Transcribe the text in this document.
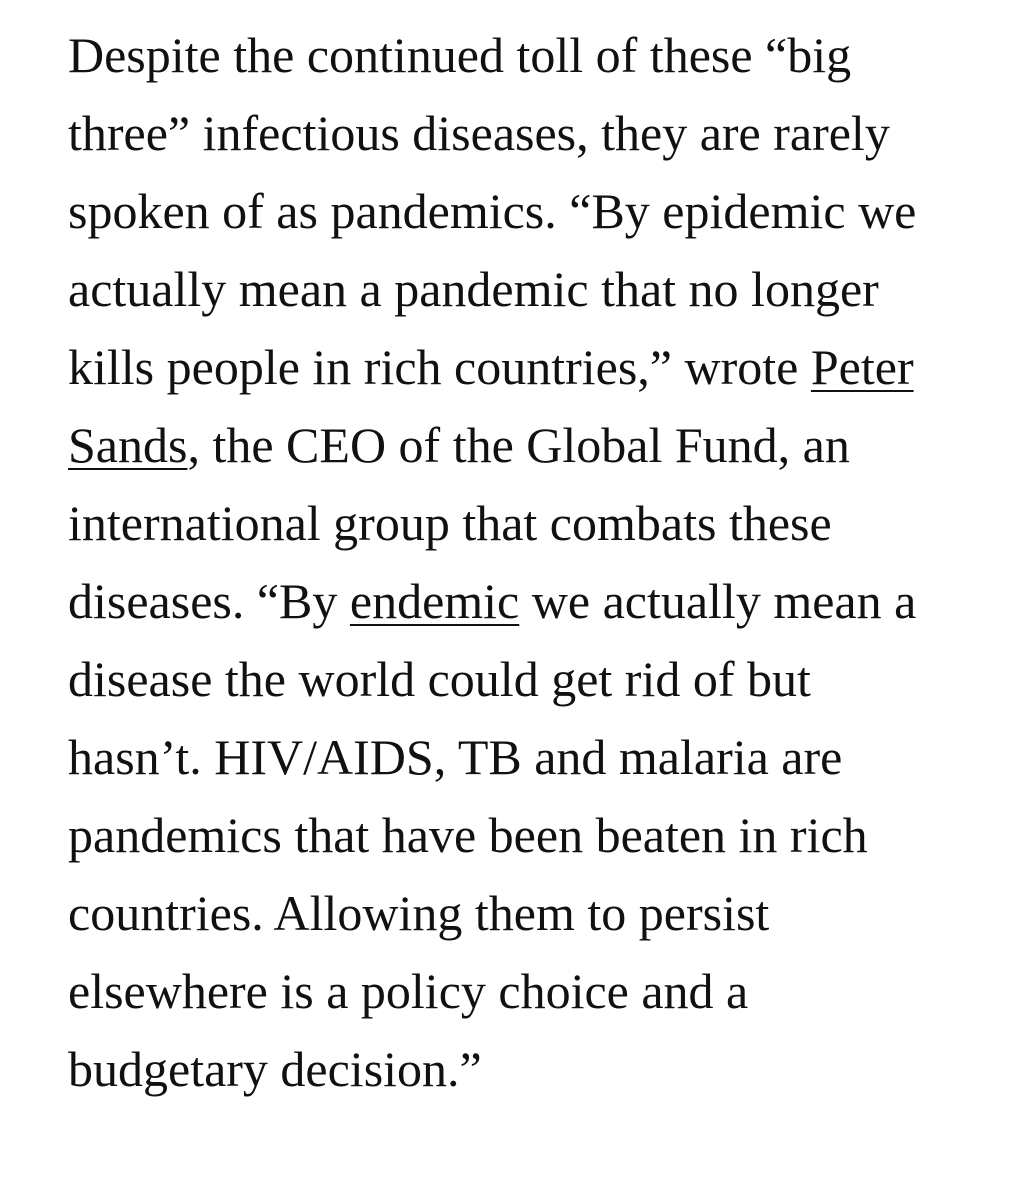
Despite the continued toll of these “big
three” infectious diseases, they are rarely
spoken of as pandemics. “By epidemic we
actually mean a pandemic that no longer
kills people in rich countries,” wrote Peter
Sands, the CEO of the Global Fund, an
international group that combats these
diseases. “By endemic we actually mean a
disease the world could get rid of but
hasn’t. HIV/AIDS, TB and malaria are
pandemics that have been beaten in rich
countries. Allowing them to persist
elsewhere is a policy choice and a
budgetary decision.”
